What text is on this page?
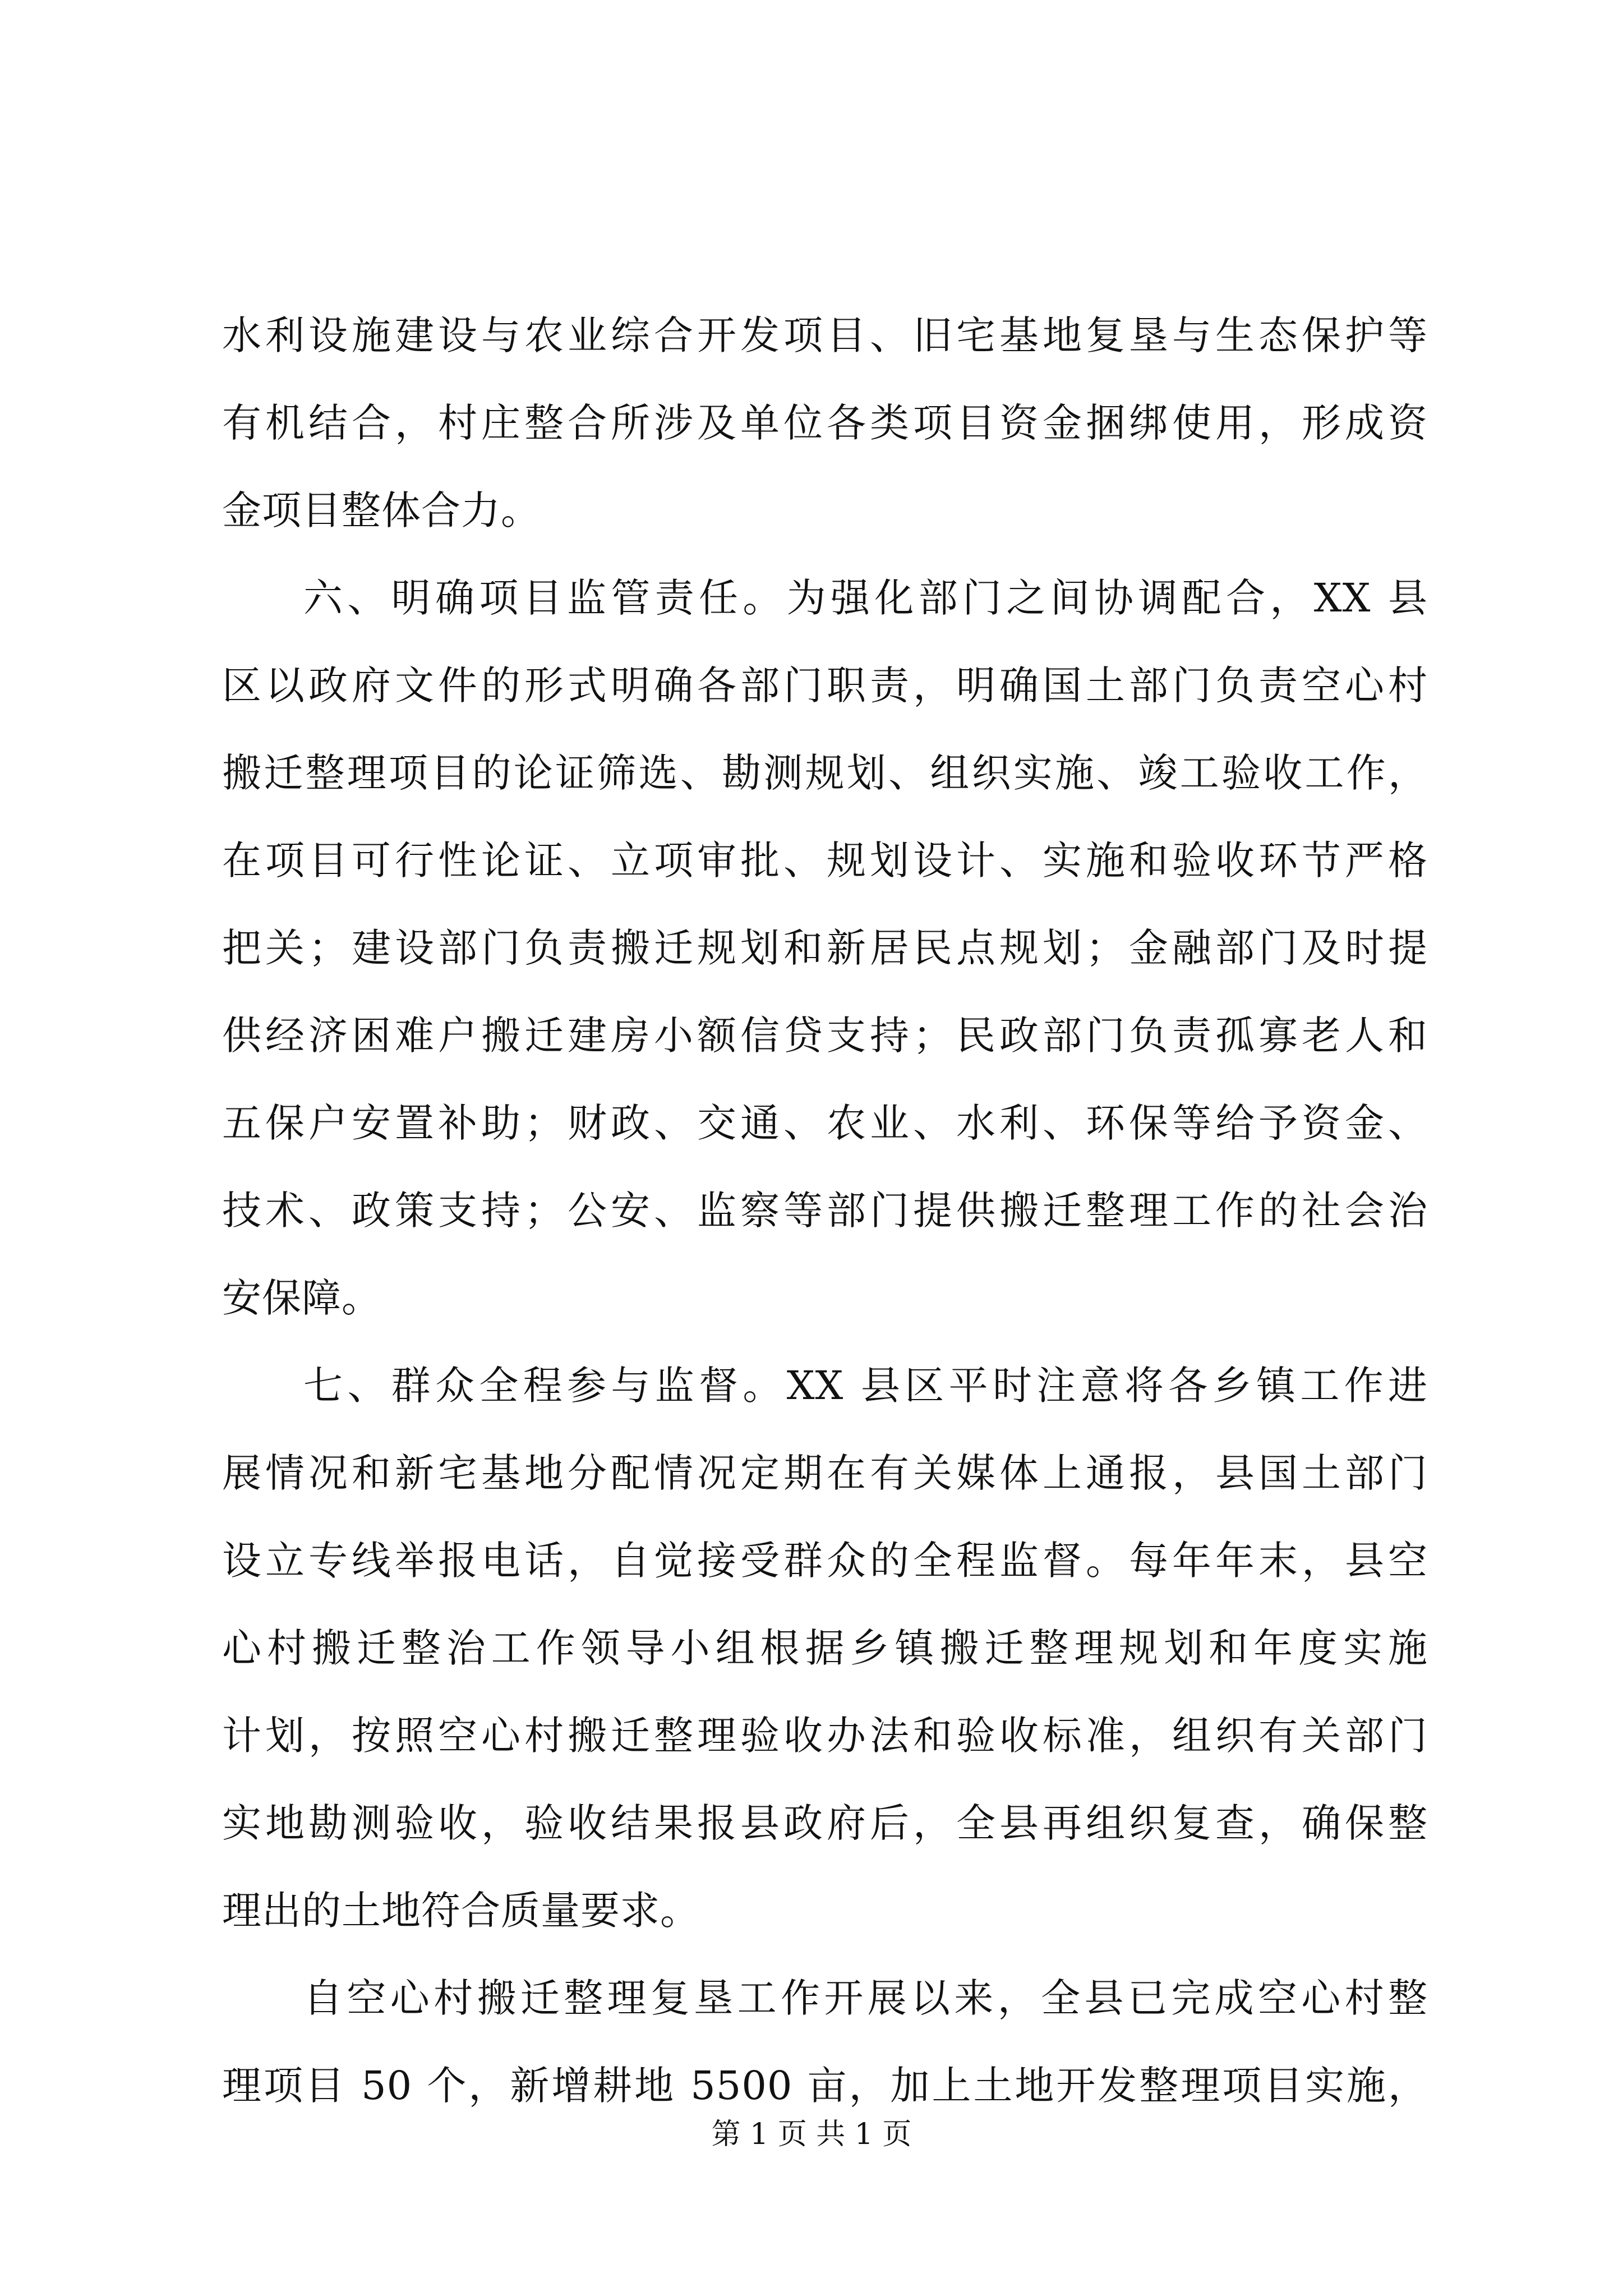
水利设施建设与农业综合开发项目、旧宅基地复垦与生态保护等
有机结合，村庄整合所涉及单位各类项目资金捆绑使用，形成资
金项目整体合力。
六、明确项目监管责任。为强化部门之间协调配合，XX 县
区以政府文件的形式明确各部门职责，明确国土部门负责空心村
搬迁整理项目的论证筛选、勘测规划、组织实施、竣工验收工作，
在项目可行性论证、立项审批、规划设计、实施和验收环节严格
把关；建设部门负责搬迁规划和新居民点规划；金融部门及时提
供经济困难户搬迁建房小额信贷支持；民政部门负责孤寡老人和
五保户安置补助；财政、交通、农业、水利、环保等给予资金、
技术、政策支持；公安、监察等部门提供搬迁整理工作的社会治
安保障。
七、群众全程参与监督。XX 县区平时注意将各乡镇工作进
展情况和新宅基地分配情况定期在有关媒体上通报，县国土部门
设立专线举报电话，自觉接受群众的全程监督。每年年末，县空
心村搬迁整治工作领导小组根据乡镇搬迁整理规划和年度实施
计划，按照空心村搬迁整理验收办法和验收标准，组织有关部门
实地勘测验收，验收结果报县政府后，全县再组织复查，确保整
理出的土地符合质量要求。
自空心村搬迁整理复垦工作开展以来，全县已完成空心村整
理项目 50 个，新增耕地 5500 亩，加上土地开发整理项目实施，
第 1 页 共 1 页
